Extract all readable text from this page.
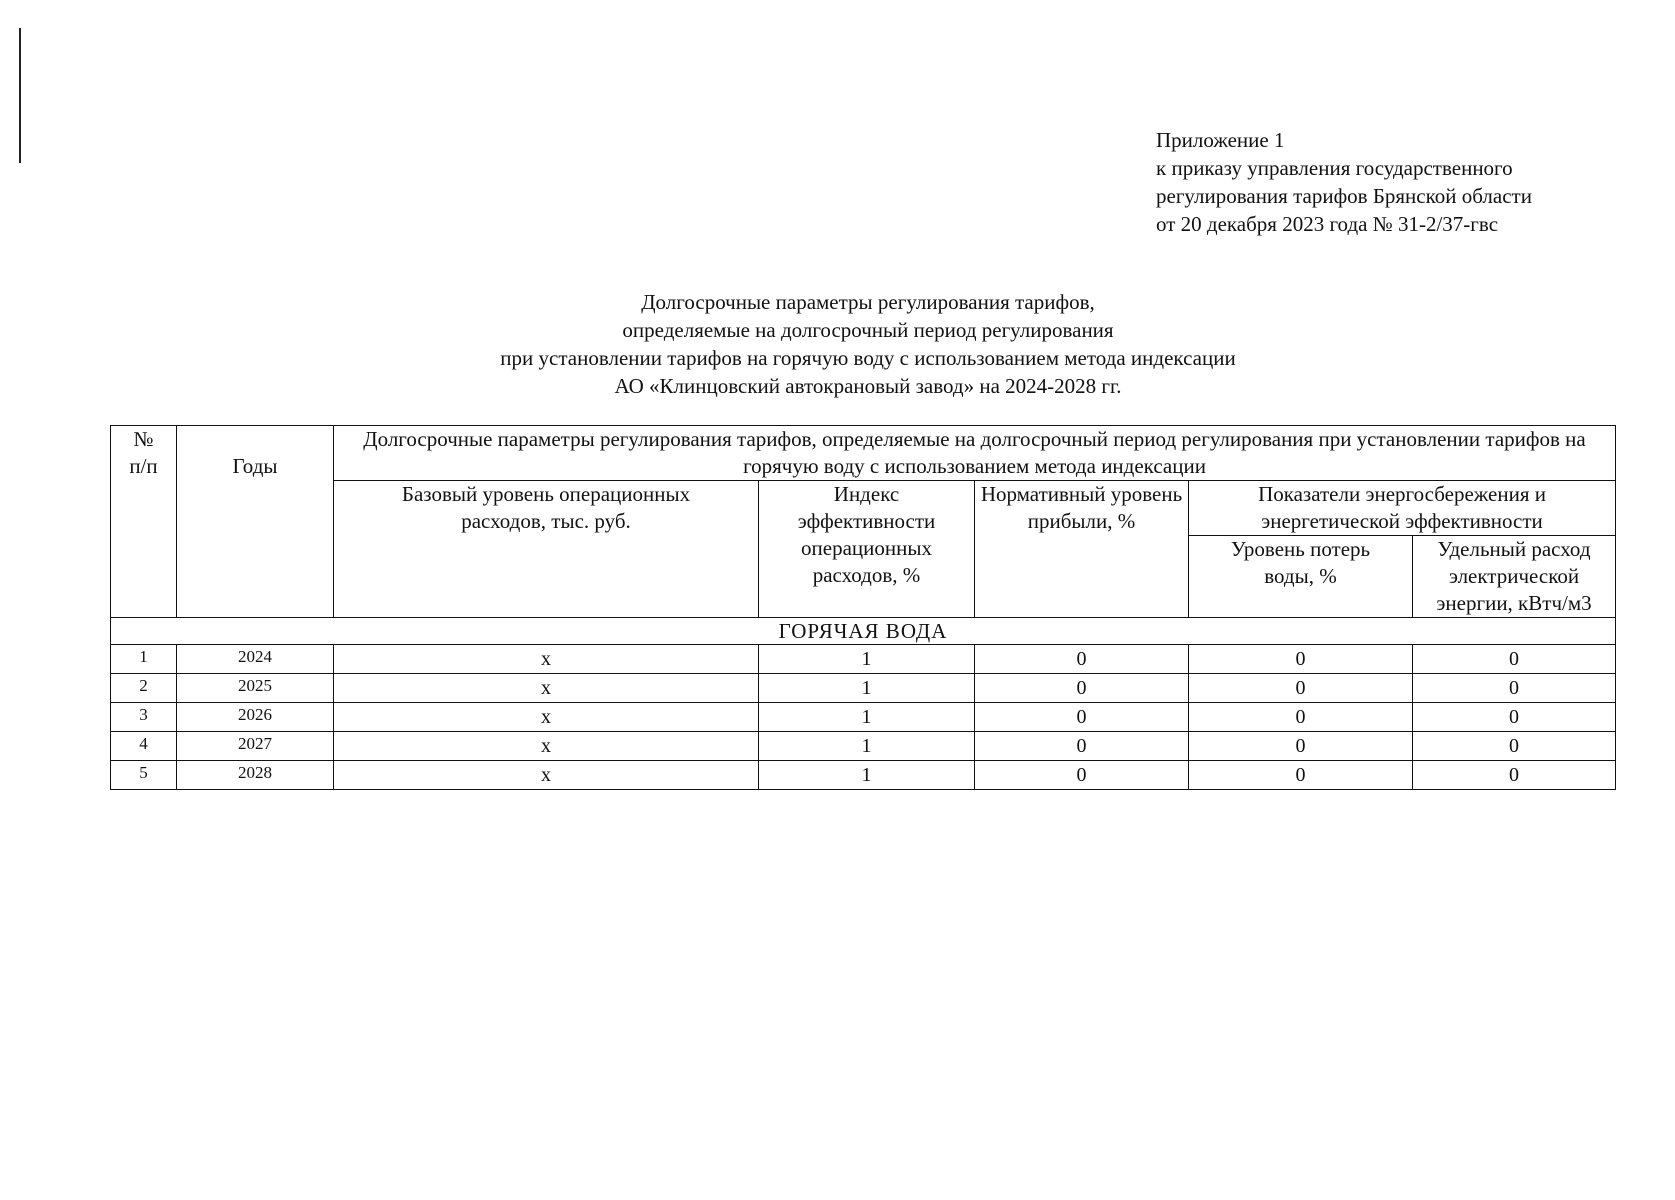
Приложение 1
к приказу управления государственного
регулирования тарифов Брянской области
от 20 декабря 2023 года № 31-2/37-гвс
Долгосрочные параметры регулирования тарифов,
определяемые на долгосрочный период регулирования
при установлении тарифов на горячую воду с использованием метода индексации
АО «Клинцовский автокрановый завод» на 2024-2028 гг.
№ п/п	Годы	Долгосрочные параметры регулирования тарифов, определяемые на долгосрочный период регулирования при установлении тарифов на горячую воду с использованием метода индексации				
		Базовый уровень операционных расходов, тыс. руб.	Индекс эффективности операционных расходов, %	Нормативный уровень прибыли, %	Показатели энергосбережения и энергетической эффективности	
					Уровень потерь воды, %	Удельный расход электрической энергии, кВтч/м3
ГОРЯЧАЯ ВОДА						
1	2024	х	1	0	0	0
2	2025	х	1	0	0	0
3	2026	х	1	0	0	0
4	2027	х	1	0	0	0
5	2028	х	1	0	0	0
